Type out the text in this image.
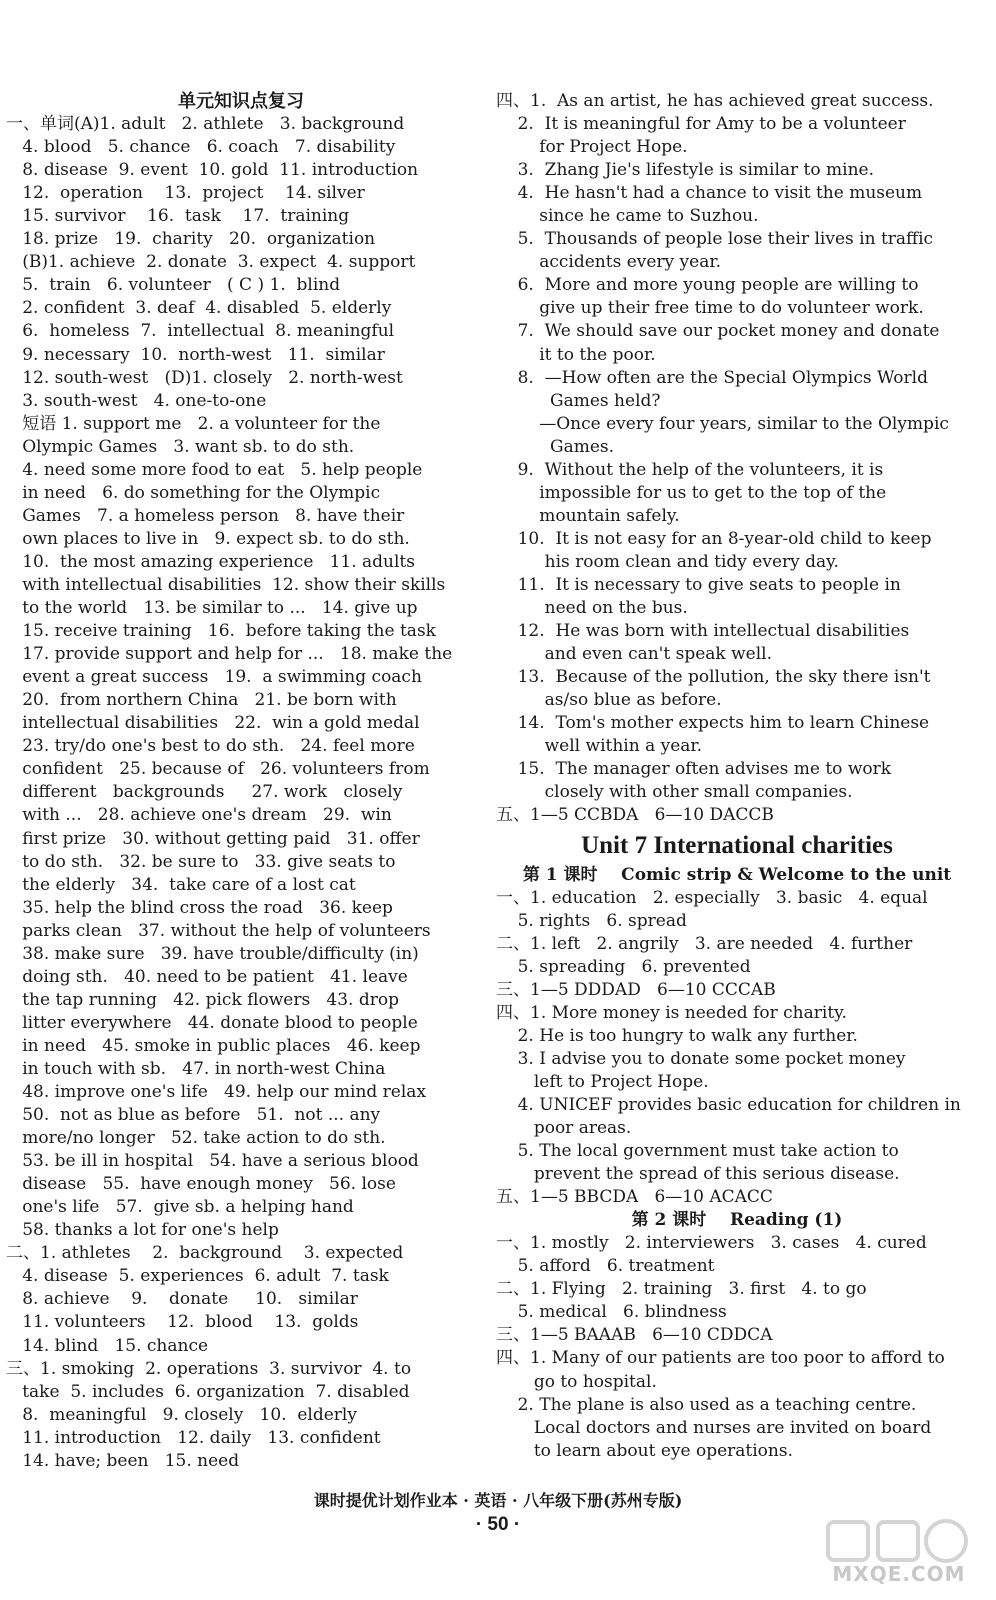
单元知识点复习
一、单词(A)1. adult   2. athlete   3. background
4. blood   5. chance   6. coach   7. disability
8. disease  9. event  10. gold  11. introduction
12.  operation    13.  project    14. silver
15. survivor    16.  task    17.  training
18. prize   19.  charity   20.  organization
(B)1. achieve  2. donate  3. expect  4. support
5.  train   6. volunteer   ( C ) 1.  blind
2. confident  3. deaf  4. disabled  5. elderly
6.  homeless  7.  intellectual  8. meaningful
9. necessary  10.  north-west   11.  similar
12. south-west   (D)1. closely   2. north-west
3. south-west   4. one-to-one
短语 1. support me   2. a volunteer for the
Olympic Games   3. want sb. to do sth.
4. need some more food to eat   5. help people
in need   6. do something for the Olympic
Games   7. a homeless person   8. have their
own places to live in   9. expect sb. to do sth.
10.  the most amazing experience   11. adults
with intellectual disabilities  12. show their skills
to the world   13. be similar to ...   14. give up
15. receive training   16.  before taking the task
17. provide support and help for ...   18. make the
event a great success   19.  a swimming coach
20.  from northern China   21. be born with
intellectual disabilities   22.  win a gold medal
23. try/do one's best to do sth.   24. feel more
confident   25. because of   26. volunteers from
different   backgrounds     27. work   closely
with ...   28. achieve one's dream   29.  win
first prize   30. without getting paid   31. offer
to do sth.   32. be sure to   33. give seats to
the elderly   34.  take care of a lost cat
35. help the blind cross the road   36. keep
parks clean   37. without the help of volunteers
38. make sure   39. have trouble/difficulty (in)
doing sth.   40. need to be patient   41. leave
the tap running   42. pick flowers   43. drop
litter everywhere   44. donate blood to people
in need   45. smoke in public places   46. keep
in touch with sb.   47. in north-west China
48. improve one's life   49. help our mind relax
50.  not as blue as before   51.  not ... any
more/no longer   52. take action to do sth.
53. be ill in hospital   54. have a serious blood
disease   55.  have enough money   56. lose
one's life   57.  give sb. a helping hand
58. thanks a lot for one's help
二、1. athletes    2.  background    3. expected
4. disease  5. experiences  6. adult  7. task
8. achieve    9.    donate     10.   similar
11. volunteers    12.  blood    13.  golds
14. blind   15. chance
三、1. smoking  2. operations  3. survivor  4. to
take  5. includes  6. organization  7. disabled
8.  meaningful   9. closely   10.  elderly
11. introduction   12. daily   13. confident
14. have; been   15. need
四、1.  As an artist, he has achieved great success.
2.  It is meaningful for Amy to be a volunteer
for Project Hope.
3.  Zhang Jie's lifestyle is similar to mine.
4.  He hasn't had a chance to visit the museum
since he came to Suzhou.
5.  Thousands of people lose their lives in traffic
accidents every year.
6.  More and more young people are willing to
give up their free time to do volunteer work.
7.  We should save our pocket money and donate
it to the poor.
8.  —How often are the Special Olympics World
Games held?
—Once every four years, similar to the Olympic
Games.
9.  Without the help of the volunteers, it is
impossible for us to get to the top of the
mountain safely.
10.  It is not easy for an 8-year-old child to keep
his room clean and tidy every day.
11.  It is necessary to give seats to people in
need on the bus.
12.  He was born with intellectual disabilities
and even can't speak well.
13.  Because of the pollution, the sky there isn't
as/so blue as before.
14.  Tom's mother expects him to learn Chinese
well within a year.
15.  The manager often advises me to work
closely with other small companies.
五、1—5 CCBDA   6—10 DACCB
Unit 7 International charities
第 1 课时    Comic strip & Welcome to the unit
一、1. education   2. especially   3. basic   4. equal
5. rights   6. spread
二、1. left   2. angrily   3. are needed   4. further
5. spreading   6. prevented
三、1—5 DDDAD   6—10 CCCAB
四、1. More money is needed for charity.
2. He is too hungry to walk any further.
3. I advise you to donate some pocket money
left to Project Hope.
4. UNICEF provides basic education for children in
poor areas.
5. The local government must take action to
prevent the spread of this serious disease.
五、1—5 BBCDA   6—10 ACACC
第 2 课时    Reading (1)
一、1. mostly   2. interviewers   3. cases   4. cured
5. afford   6. treatment
二、1. Flying   2. training   3. first   4. to go
5. medical   6. blindness
三、1—5 BAAAB   6—10 CDDCA
四、1. Many of our patients are too poor to afford to
go to hospital.
2. The plane is also used as a teaching centre.
Local doctors and nurses are invited on board
to learn about eye operations.
课时提优计划作业本 · 英语 · 八年级下册(苏州专版)
· 50 ·
MXQE.COM
